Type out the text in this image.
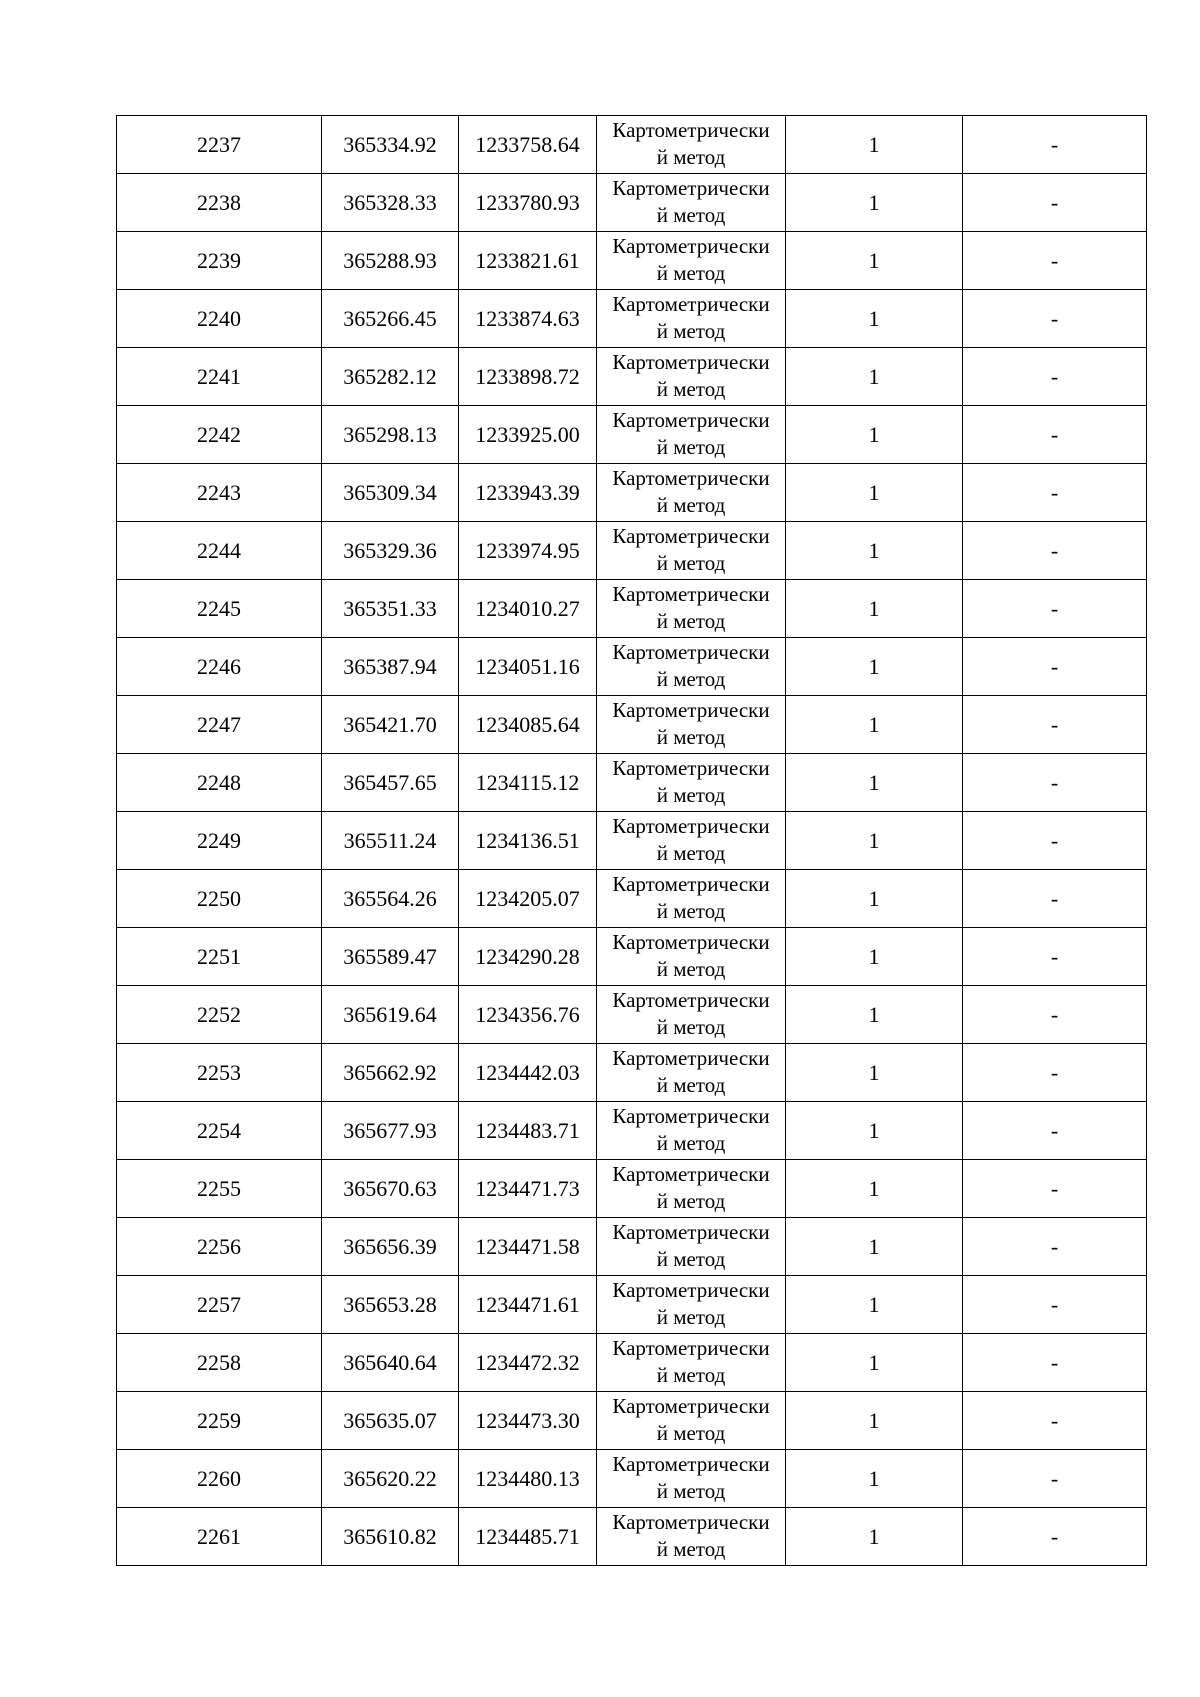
2237	365334.92	1233758.64	Картометрически
й метод	1	-
2238	365328.33	1233780.93	Картометрически
й метод	1	-
2239	365288.93	1233821.61	Картометрически
й метод	1	-
2240	365266.45	1233874.63	Картометрически
й метод	1	-
2241	365282.12	1233898.72	Картометрически
й метод	1	-
2242	365298.13	1233925.00	Картометрически
й метод	1	-
2243	365309.34	1233943.39	Картометрически
й метод	1	-
2244	365329.36	1233974.95	Картометрически
й метод	1	-
2245	365351.33	1234010.27	Картометрически
й метод	1	-
2246	365387.94	1234051.16	Картометрически
й метод	1	-
2247	365421.70	1234085.64	Картометрически
й метод	1	-
2248	365457.65	1234115.12	Картометрически
й метод	1	-
2249	365511.24	1234136.51	Картометрически
й метод	1	-
2250	365564.26	1234205.07	Картометрически
й метод	1	-
2251	365589.47	1234290.28	Картометрически
й метод	1	-
2252	365619.64	1234356.76	Картометрически
й метод	1	-
2253	365662.92	1234442.03	Картометрически
й метод	1	-
2254	365677.93	1234483.71	Картометрически
й метод	1	-
2255	365670.63	1234471.73	Картометрически
й метод	1	-
2256	365656.39	1234471.58	Картометрически
й метод	1	-
2257	365653.28	1234471.61	Картометрически
й метод	1	-
2258	365640.64	1234472.32	Картометрически
й метод	1	-
2259	365635.07	1234473.30	Картометрически
й метод	1	-
2260	365620.22	1234480.13	Картометрически
й метод	1	-
2261	365610.82	1234485.71	Картометрически
й метод	1	-
